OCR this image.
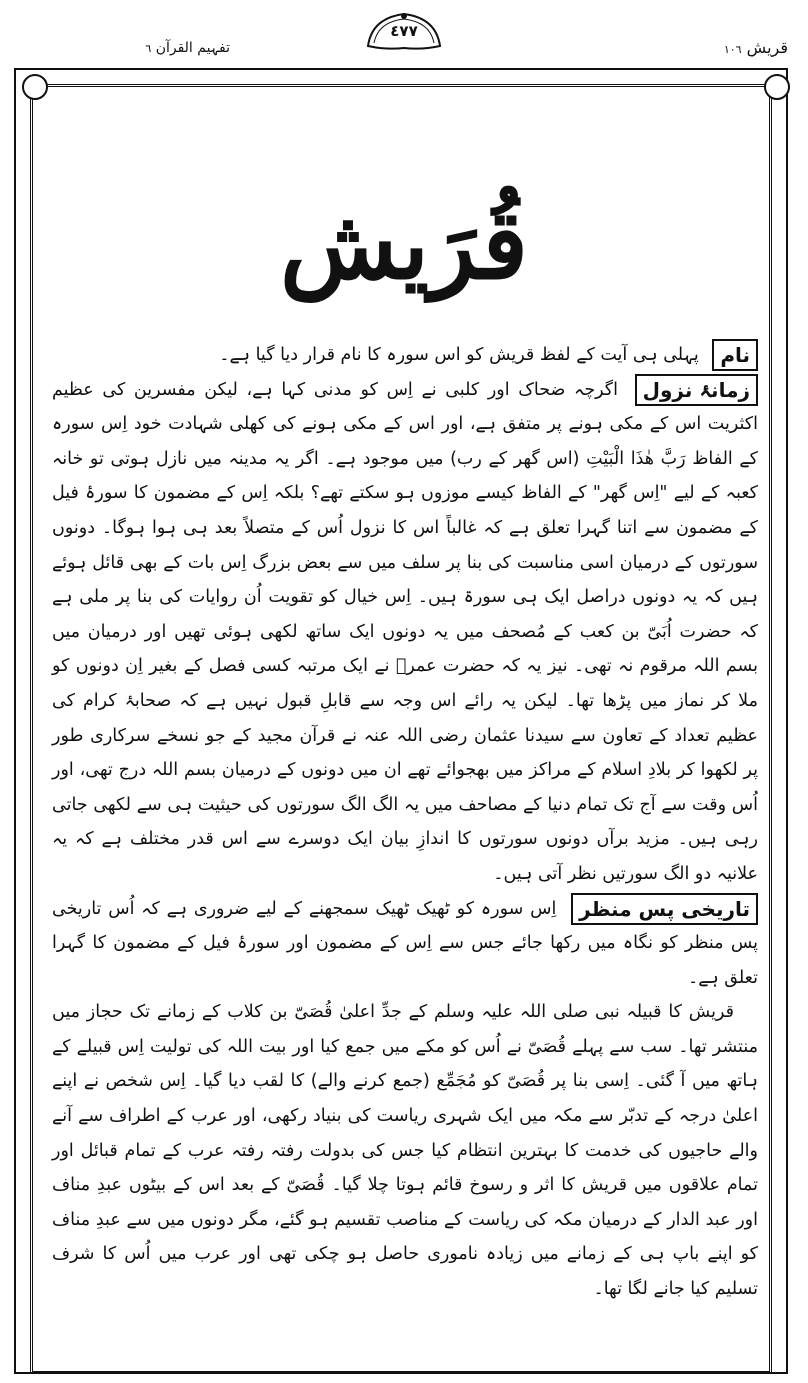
٤٧٧
قریش ١٠٦
تفہیم القرآن ٦
قُرَیش

نام پہلی ہی آیت کے لفظ قریش کو اس سورہ کا نام قرار دیا گیا ہے۔

زمانۂ نزول اگرچہ ضحاک اور کلبی نے اِس کو مدنی کہا ہے، لیکن مفسرین کی عظیم اکثریت اس کے مکی ہونے پر متفق ہے، اور اس کے مکی ہونے کی کھلی شہادت خود اِس سورہ کے الفاظ رَبَّ هٰذَا الْبَيْتِ (اس گھر کے رب) میں موجود ہے۔ اگر یہ مدینہ میں نازل ہوتی تو خانہ کعبہ کے لیے "اِس گھر" کے الفاظ کیسے موزوں ہو سکتے تھے؟ بلکہ اِس کے مضمون کا سورۂ فیل کے مضمون سے اتنا گہرا تعلق ہے کہ غالباً اس کا نزول اُس کے متصلاً بعد ہی ہوا ہوگا۔ دونوں سورتوں کے درمیان اسی مناسبت کی بنا پر سلف میں سے بعض بزرگ اِس بات کے بھی قائل ہوئے ہیں کہ یہ دونوں دراصل ایک ہی سورۃ ہیں۔ اِس خیال کو تقویت اُن روایات کی بنا پر ملی ہے کہ حضرت اُبَیّ بن کعب کے مُصحف میں یہ دونوں ایک ساتھ لکھی ہوئی تھیں اور درمیان میں بسم اللہ مرقوم نہ تھی۔ نیز یہ کہ حضرت عمرؓ نے ایک مرتبہ کسی فصل کے بغیر اِن دونوں کو ملا کر نماز میں پڑھا تھا۔ لیکن یہ رائے اس وجہ سے قابلِ قبول نہیں ہے کہ صحابۂ کرام کی عظیم تعداد کے تعاون سے سیدنا عثمان رضی اللہ عنہ نے قرآن مجید کے جو نسخے سرکاری طور پر لکھوا کر بلادِ اسلام کے مراکز میں بھجوائے تھے ان میں دونوں کے درمیان بسم اللہ درج تھی، اور اُس وقت سے آج تک تمام دنیا کے مصاحف میں یہ الگ الگ سورتوں کی حیثیت ہی سے لکھی جاتی رہی ہیں۔ مزید برآں دونوں سورتوں کا اندازِ بیان ایک دوسرے سے اس قدر مختلف ہے کہ یہ علانیہ دو الگ سورتیں نظر آتی ہیں۔

تاریخی پس منظر اِس سورہ کو ٹھیک ٹھیک سمجھنے کے لیے ضروری ہے کہ اُس تاریخی پس منظر کو نگاہ میں رکھا جائے جس سے اِس کے مضمون اور سورۂ فیل کے مضمون کا گہرا تعلق ہے۔

قریش کا قبیلہ نبی صلی اللہ علیہ وسلم کے جدِّ اعلیٰ قُصَیّ بن کلاب کے زمانے تک حجاز میں منتشر تھا۔ سب سے پہلے قُصَیّ نے اُس کو مکے میں جمع کیا اور بیت اللہ کی تولیت اِس قبیلے کے ہاتھ میں آ گئی۔ اِسی بنا پر قُصَیّ کو مُجَمِّع (جمع کرنے والے) کا لقب دیا گیا۔ اِس شخص نے اپنے اعلیٰ درجہ کے تدبّر سے مکہ میں ایک شہری ریاست کی بنیاد رکھی، اور عرب کے اطراف سے آنے والے حاجیوں کی خدمت کا بہترین انتظام کیا جس کی بدولت رفتہ رفتہ عرب کے تمام قبائل اور تمام علاقوں میں قریش کا اثر و رسوخ قائم ہوتا چلا گیا۔ قُصَیّ کے بعد اس کے بیٹوں عبدِ مناف اور عبد الدار کے درمیان مکہ کی ریاست کے مناصب تقسیم ہو گئے، مگر دونوں میں سے عبدِ مناف کو اپنے باپ ہی کے زمانے میں زیادہ ناموری حاصل ہو چکی تھی اور عرب میں اُس کا شرف تسلیم کیا جانے لگا تھا۔
